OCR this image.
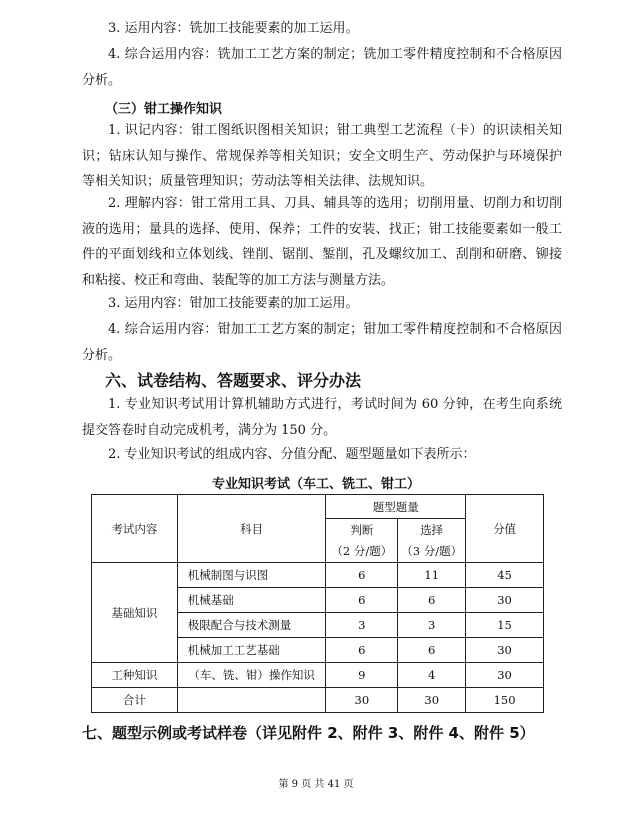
3. 运用内容：铣加工技能要素的加工运用。

4. 综合运用内容：铣加工工艺方案的制定；铣加工零件精度控制和不合格原因分析。

（三）钳工操作知识

1. 识记内容：钳工图纸识图相关知识；钳工典型工艺流程（卡）的识读相关知识；钻床认知与操作、常规保养等相关知识；安全文明生产、劳动保护与环境保护等相关知识；质量管理知识；劳动法等相关法律、法规知识。

2. 理解内容：钳工常用工具、刀具、辅具等的选用；切削用量、切削力和切削液的选用；量具的选择、使用、保养；工件的安装、找正；钳工技能要素如一般工件的平面划线和立体划线、锉削、锯削、錾削，孔及螺纹加工、刮削和研磨、铆接和粘接、校正和弯曲、装配等的加工方法与测量方法。

3. 运用内容：钳加工技能要素的加工运用。

4. 综合运用内容：钳加工工艺方案的制定；钳加工零件精度控制和不合格原因分析。

六、试卷结构、答题要求、评分办法

1. 专业知识考试用计算机辅助方式进行，考试时间为 60 分钟，在考生向系统提交答卷时自动完成机考，满分为 150 分。

2. 专业知识考试的组成内容、分值分配、题型题量如下表所示：

专业知识考试（车工、铣工、钳工）

考试内容	科目	题型题量		分值
		判断	选择	
		（2 分/题）	（3 分/题）	
基础知识	机械制图与识图	6	11	45
	机械基础	6	6	30
	极限配合与技术测量	3	3	15
	机械加工工艺基础	6	6	30
工种知识	（车、铣、钳）操作知识	9	4	30
合计		30	30	150

七、题型示例或考试样卷（详见附件 2、附件 3、附件 4、附件 5）

第 9 页 共 41 页
